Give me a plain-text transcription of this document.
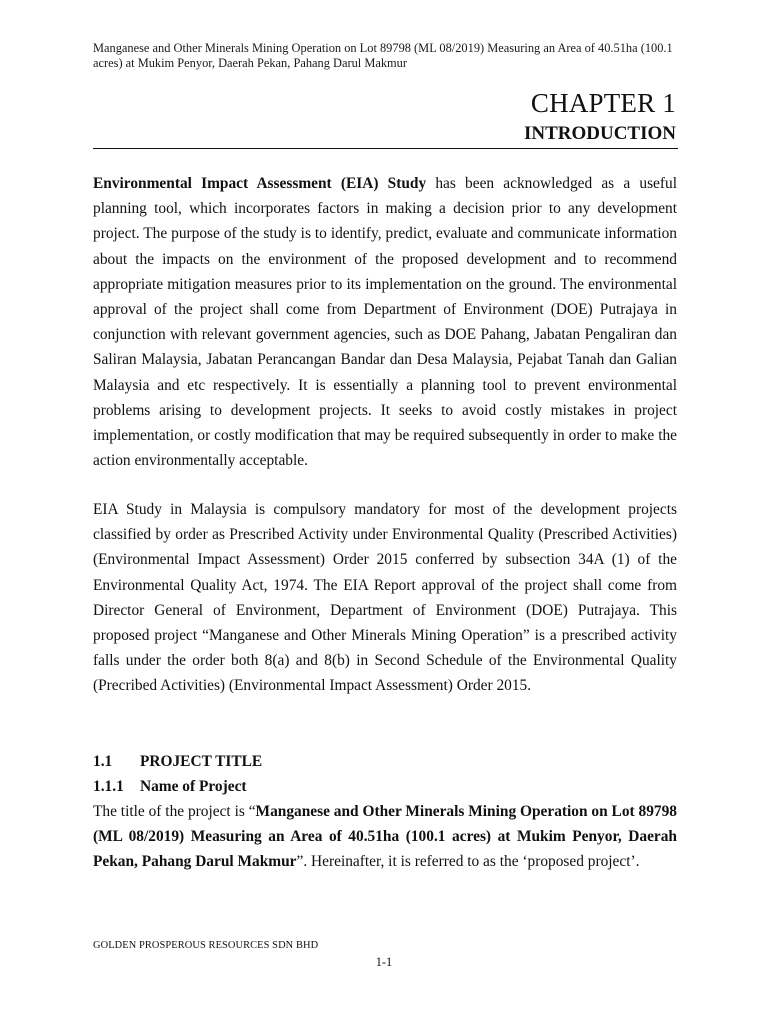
Manganese and Other Minerals Mining Operation on Lot 89798 (ML 08/2019) Measuring an Area of 40.51ha (100.1 acres) at Mukim Penyor, Daerah Pekan, Pahang Darul Makmur
CHAPTER 1
INTRODUCTION

Environmental Impact Assessment (EIA) Study has been acknowledged as a useful planning tool, which incorporates factors in making a decision prior to any development project. The purpose of the study is to identify, predict, evaluate and communicate information about the impacts on the environment of the proposed development and to recommend appropriate mitigation measures prior to its implementation on the ground. The environmental approval of the project shall come from Department of Environment (DOE) Putrajaya in conjunction with relevant government agencies, such as DOE Pahang, Jabatan Pengaliran dan Saliran Malaysia, Jabatan Perancangan Bandar dan Desa Malaysia, Pejabat Tanah dan Galian Malaysia and etc respectively. It is essentially a planning tool to prevent environmental problems arising to development projects. It seeks to avoid costly mistakes in project implementation, or costly modification that may be required subsequently in order to make the action environmentally acceptable.

EIA Study in Malaysia is compulsory mandatory for most of the development projects classified by order as Prescribed Activity under Environmental Quality (Prescribed Activities) (Environmental Impact Assessment) Order 2015 conferred by subsection 34A (1) of the Environmental Quality Act, 1974. The EIA Report approval of the project shall come from Director General of Environment, Department of Environment (DOE) Putrajaya. This proposed project “Manganese and Other Minerals Mining Operation” is a prescribed activity falls under the order both 8(a) and 8(b) in Second Schedule of the Environmental Quality (Precribed Activities) (Environmental Impact Assessment) Order 2015.

1.1 PROJECT TITLE
1.1.1 Name of Project

The title of the project is “Manganese and Other Minerals Mining Operation on Lot 89798 (ML 08/2019) Measuring an Area of 40.51ha (100.1 acres) at Mukim Penyor, Daerah Pekan, Pahang Darul Makmur”. Hereinafter, it is referred to as the ‘proposed project’.

GOLDEN PROSPEROUS RESOURCES SDN BHD
1-1
